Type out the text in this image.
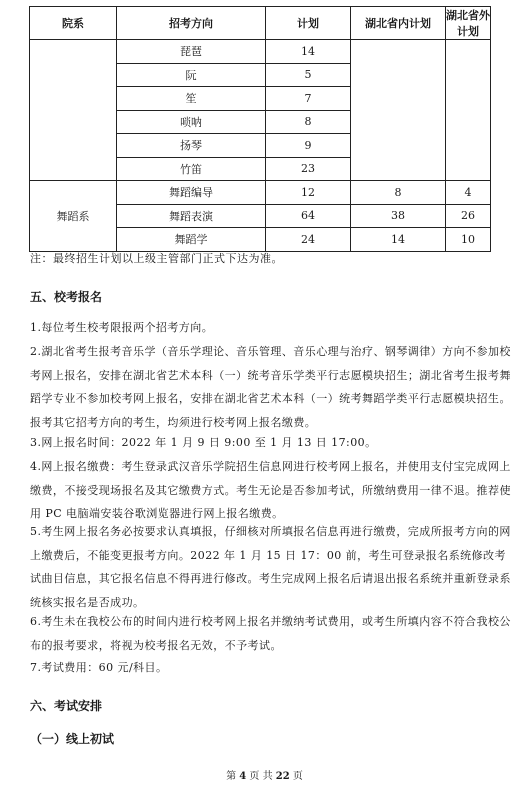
院系	招考方向	计划	湖北省内计划	湖北省外计划
	琵琶	14		
	阮	5		
	笙	7		
	唢呐	8		
	扬琴	9		
	竹笛	23		
舞蹈系	舞蹈编导	12	8	4
	舞蹈表演	64	38	26
	舞蹈学	24	14	10
注：最终招生计划以上级主管部门正式下达为准。
五、校考报名
1.每位考生校考限报两个招考方向。
2.湖北省考生报考音乐学（音乐学理论、音乐管理、音乐心理与治疗、钢琴调律）方向不参加校考网上报名，安排在湖北省艺术本科（一）统考音乐学类平行志愿模块招生；湖北省考生报考舞蹈学专业不参加校考网上报名，安排在湖北省艺术本科（一）统考舞蹈学类平行志愿模块招生。报考其它招考方向的考生，均须进行校考网上报名缴费。
3.网上报名时间：2022 年 1 月 9 日 9:00 至 1 月 13 日 17:00。
4.网上报名缴费：考生登录武汉音乐学院招生信息网进行校考网上报名，并使用支付宝完成网上缴费，不接受现场报名及其它缴费方式。考生无论是否参加考试，所缴纳费用一律不退。推荐使用 PC 电脑端安装谷歌浏览器进行网上报名缴费。
5.考生网上报名务必按要求认真填报，仔细核对所填报名信息再进行缴费，完成所报考方向的网上缴费后，不能变更报考方向。2022 年 1 月 15 日 17：00 前，考生可登录报名系统修改考试曲目信息，其它报名信息不得再进行修改。考生完成网上报名后请退出报名系统并重新登录系统核实报名是否成功。
6.考生未在我校公布的时间内进行校考网上报名并缴纳考试费用，或考生所填内容不符合我校公布的报考要求，将视为校考报名无效，不予考试。
7.考试费用：60 元/科目。
六、考试安排
（一）线上初试
第 4 页 共 22 页
